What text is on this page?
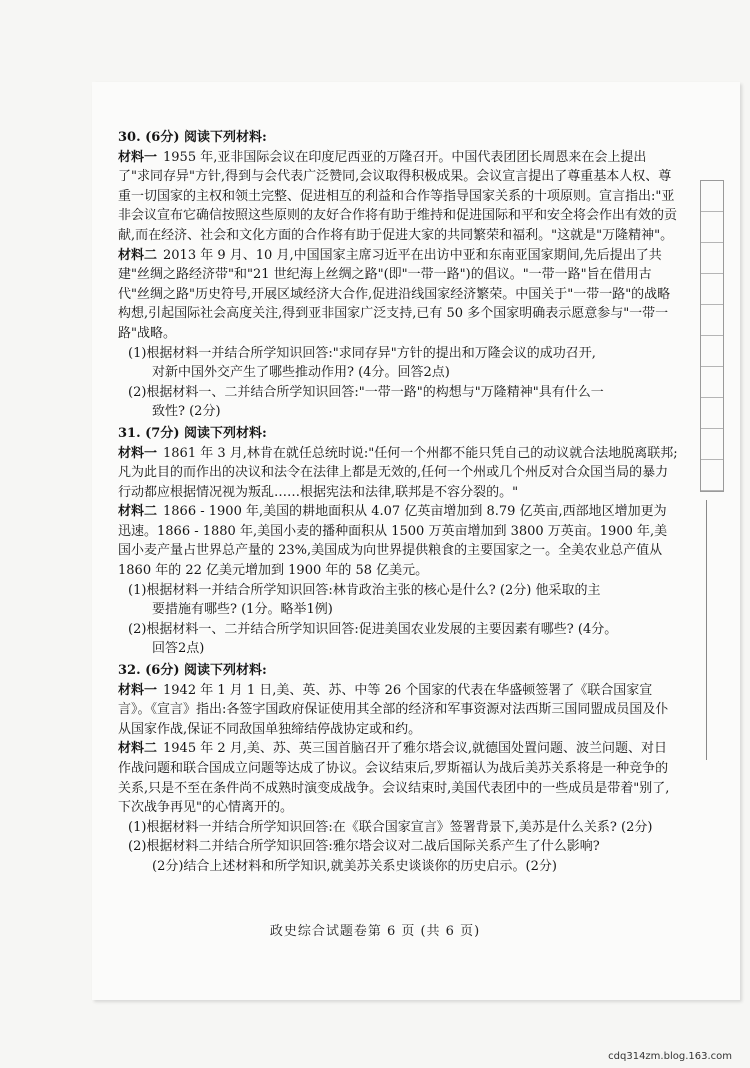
30. (6分) 阅读下列材料:

材料一 1955 年,亚非国际会议在印度尼西亚的万隆召开。中国代表团团长周恩来在会上提出了"求同存异"方针,得到与会代表广泛赞同,会议取得积极成果。会议宣言提出了尊重基本人权、尊重一切国家的主权和领土完整、促进相互的利益和合作等指导国家关系的十项原则。宣言指出:"亚非会议宣布它确信按照这些原则的友好合作将有助于维持和促进国际和平和安全将会作出有效的贡献,而在经济、社会和文化方面的合作将有助于促进大家的共同繁荣和福利。"这就是"万隆精神"。

材料二 2013 年 9 月、10 月,中国国家主席习近平在出访中亚和东南亚国家期间,先后提出了共建"丝绸之路经济带"和"21 世纪海上丝绸之路"(即"一带一路")的倡议。"一带一路"旨在借用古代"丝绸之路"历史符号,开展区域经济大合作,促进沿线国家经济繁荣。中国关于"一带一路"的战略构想,引起国际社会高度关注,得到亚非国家广泛支持,已有 50 多个国家明确表示愿意参与"一带一路"战略。

(1)根据材料一并结合所学知识回答:"求同存异"方针的提出和万隆会议的成功召开,

对新中国外交产生了哪些推动作用? (4分。回答2点)

(2)根据材料一、二并结合所学知识回答:"一带一路"的构想与"万隆精神"具有什么一

致性? (2分)

31. (7分) 阅读下列材料:

材料一 1861 年 3 月,林肯在就任总统时说:"任何一个州都不能只凭自己的动议就合法地脱离联邦;凡为此目的而作出的决议和法令在法律上都是无效的,任何一个州或几个州反对合众国当局的暴力行动都应根据情况视为叛乱……根据宪法和法律,联邦是不容分裂的。"

材料二 1866 - 1900 年,美国的耕地面积从 4.07 亿英亩增加到 8.79 亿英亩,西部地区增加更为迅速。1866 - 1880 年,美国小麦的播种面积从 1500 万英亩增加到 3800 万英亩。1900 年,美国小麦产量占世界总产量的 23%,美国成为向世界提供粮食的主要国家之一。全美农业总产值从 1860 年的 22 亿美元增加到 1900 年的 58 亿美元。

(1)根据材料一并结合所学知识回答:林肯政治主张的核心是什么? (2分) 他采取的主

要措施有哪些? (1分。略举1例)

(2)根据材料一、二并结合所学知识回答:促进美国农业发展的主要因素有哪些? (4分。

回答2点)

32. (6分) 阅读下列材料:

材料一 1942 年 1 月 1 日,美、英、苏、中等 26 个国家的代表在华盛顿签署了《联合国家宣言》。《宣言》指出:各签字国政府保证使用其全部的经济和军事资源对法西斯三国同盟成员国及仆从国家作战,保证不同敌国单独缔结停战协定或和约。

材料二 1945 年 2 月,美、苏、英三国首脑召开了雅尔塔会议,就德国处置问题、波兰问题、对日作战问题和联合国成立问题等达成了协议。会议结束后,罗斯福认为战后美苏关系将是一种竞争的关系,只是不至在条件尚不成熟时演变成战争。会议结束时,美国代表团中的一些成员是带着"别了,下次战争再见"的心情离开的。

(1)根据材料一并结合所学知识回答:在《联合国家宣言》签署背景下,美苏是什么关系? (2分)

(2)根据材料二并结合所学知识回答:雅尔塔会议对二战后国际关系产生了什么影响?

(2分)结合上述材料和所学知识,就美苏关系史谈谈你的历史启示。(2分)

政史综合试题卷第 6 页 (共 6 页)
cdq314zm.blog.163.com
